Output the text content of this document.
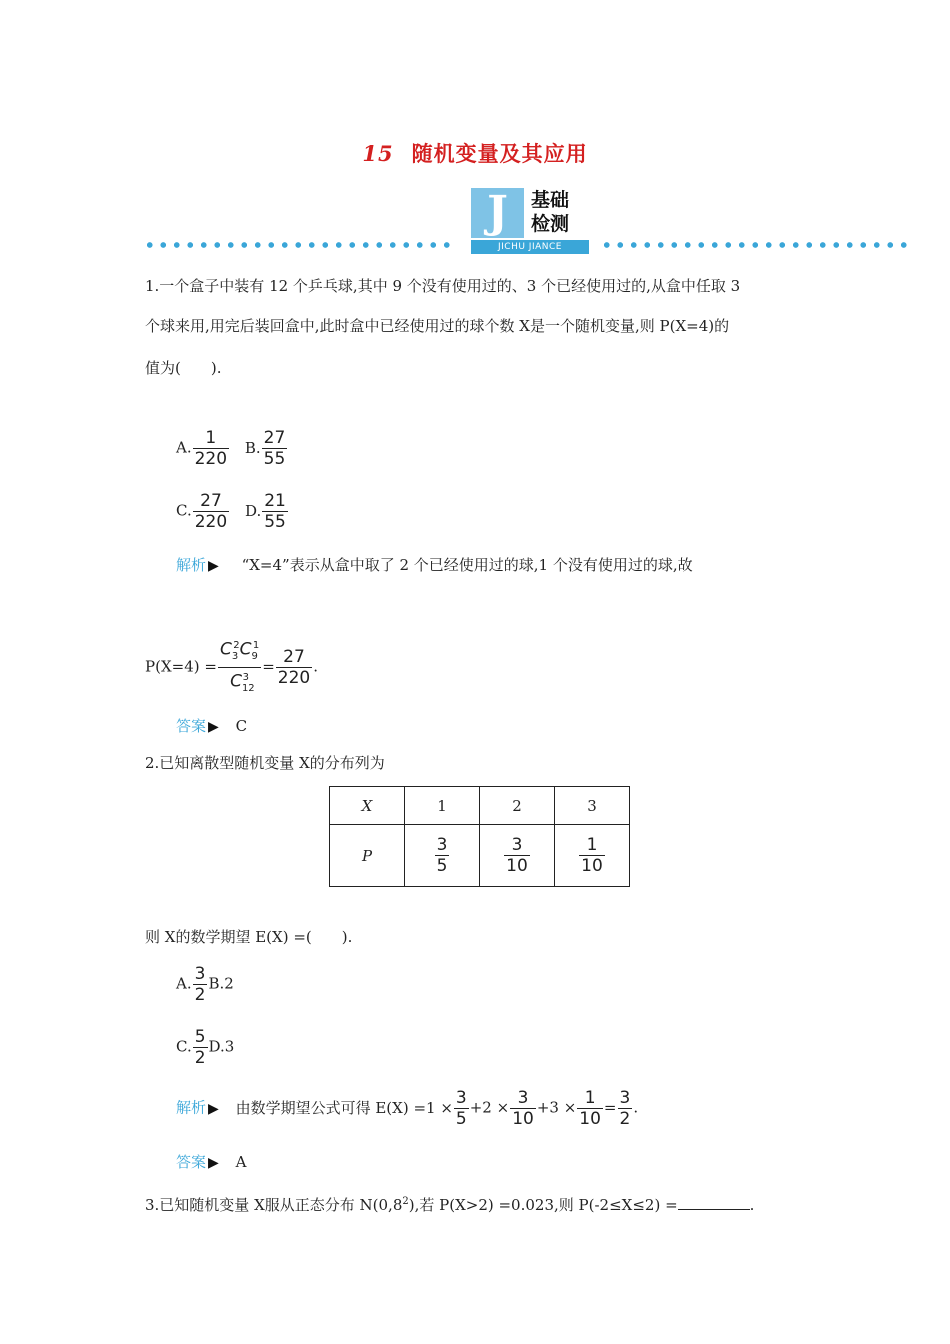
15 随机变量及其应用
J	基础
检测
JICHU JIANCE
1.一个盒子中装有 12 个乒乓球,其中 9 个没有使用过的、3 个已经使用过的,从盒中任取 3
个球来用,用完后装回盒中,此时盒中已经使用过的球个数 X是一个随机变量,则 P(X=4)的
值为(　　).
A. $\frac{1}{220} B$. $\frac{27}{55}$
C. $\frac{27}{220} D$. $\frac{21}{55}$
解析 ▶ “X=4”表示从盒中取了 2 个已经使用过的球,1 个没有使用过的球,故
$P(X=4) = \frac{C_3^2C_9^1}{C_{12}^3} = \frac{27}{220}$ .
答案 ▶ C
2.已知离散型随机变量 X的分布列为
X	1	2	3
P	$\frac{3}{5}$	$\frac{3}{10}$	$\frac{1}{10}$
则 X的数学期望 E(X) =(　　).
A. $\frac{3}{2} B.2$
C. $\frac{5}{2} D.3$
解析 ▶ 由数学期望公式可得 $E(X) =1 \times \frac{3}{5} +2 \times \frac{3}{10} +3 \times \frac{1}{10} = \frac{3}{2}$ .
答案 ▶ A
3.已知随机变量 X服从正态分布 $N(0,8^2)$,若 P(X>2) =0.023,则 P(-2≤X≤2) =	.
